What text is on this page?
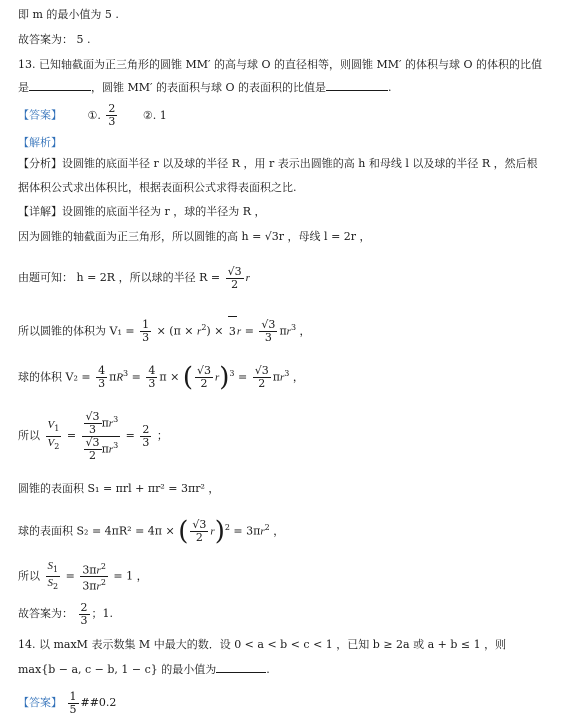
即 m 的最小值为 5 .
故答案为： 5 .
13. 已知轴截面为正三角形的圆锥 MM′ 的高与球 O 的直径相等，则圆锥 MM′ 的体积与球 O 的体积的比值
是	，圆锥 MM′ 的表面积与球 O 的表面积的比值是	.
【答案】 ①. $\frac{2}{3}$ ②. 1
【解析】
【分析】设圆锥的底面半径 r 以及球的半径 R ，用 r 表示出圆锥的高 h 和母线 l 以及球的半径 R ，然后根
据体积公式求出体积比，根据表面积公式求得表面积之比.
【详解】设圆锥的底面半径为 r ，球的半径为 R ，
因为圆锥的轴截面为正三角形，所以圆锥的高 h = √3r ，母线 l = 2r ，
由题可知： h = 2R ，所以球的半径 $R = \frac{√3}{2}$ r
所以圆锥的体积为 $V_1 = \frac{1}{3} \times (\pi \times r^2) \times 3r = \frac{√3}{3} \pi r^3$ ，
球的体积 $V_2 = \frac{4}{3} \pi R^3 = \frac{4}{3}$ π × ( $\frac{√3}{2} r)^3 = \frac{√3}{2} \pi r^3$ ，
所以 $\frac{V_1}{V_2} = \frac{\frac{√3}{3} \pi r^3}{\frac{√3}{2} \pi r^3} = \frac{2}{3}$ ；
圆锥的表面积 S₁ = πrl + πr² = 3πr² ，
球的表面积 S₂ = 4πR² = 4π × ( $\frac{√3}{2} r)^2 = 3\pi r^2$ ，
所以 $\frac{S_1}{S_2} = \frac{3\pi r^2}{3\pi r^2} = 1$ ，
故答案为： $\frac{2}{3}$ ；1.
14. 以 maxM 表示数集 M 中最大的数．设 0 < a < b < c < 1 ，已知 b ≥ 2a 或 a + b ≤ 1 ，则
max{b − a, c − b, 1 − c} 的最小值为	.
【答案】 $\frac{1}{5}$ ##0.2
